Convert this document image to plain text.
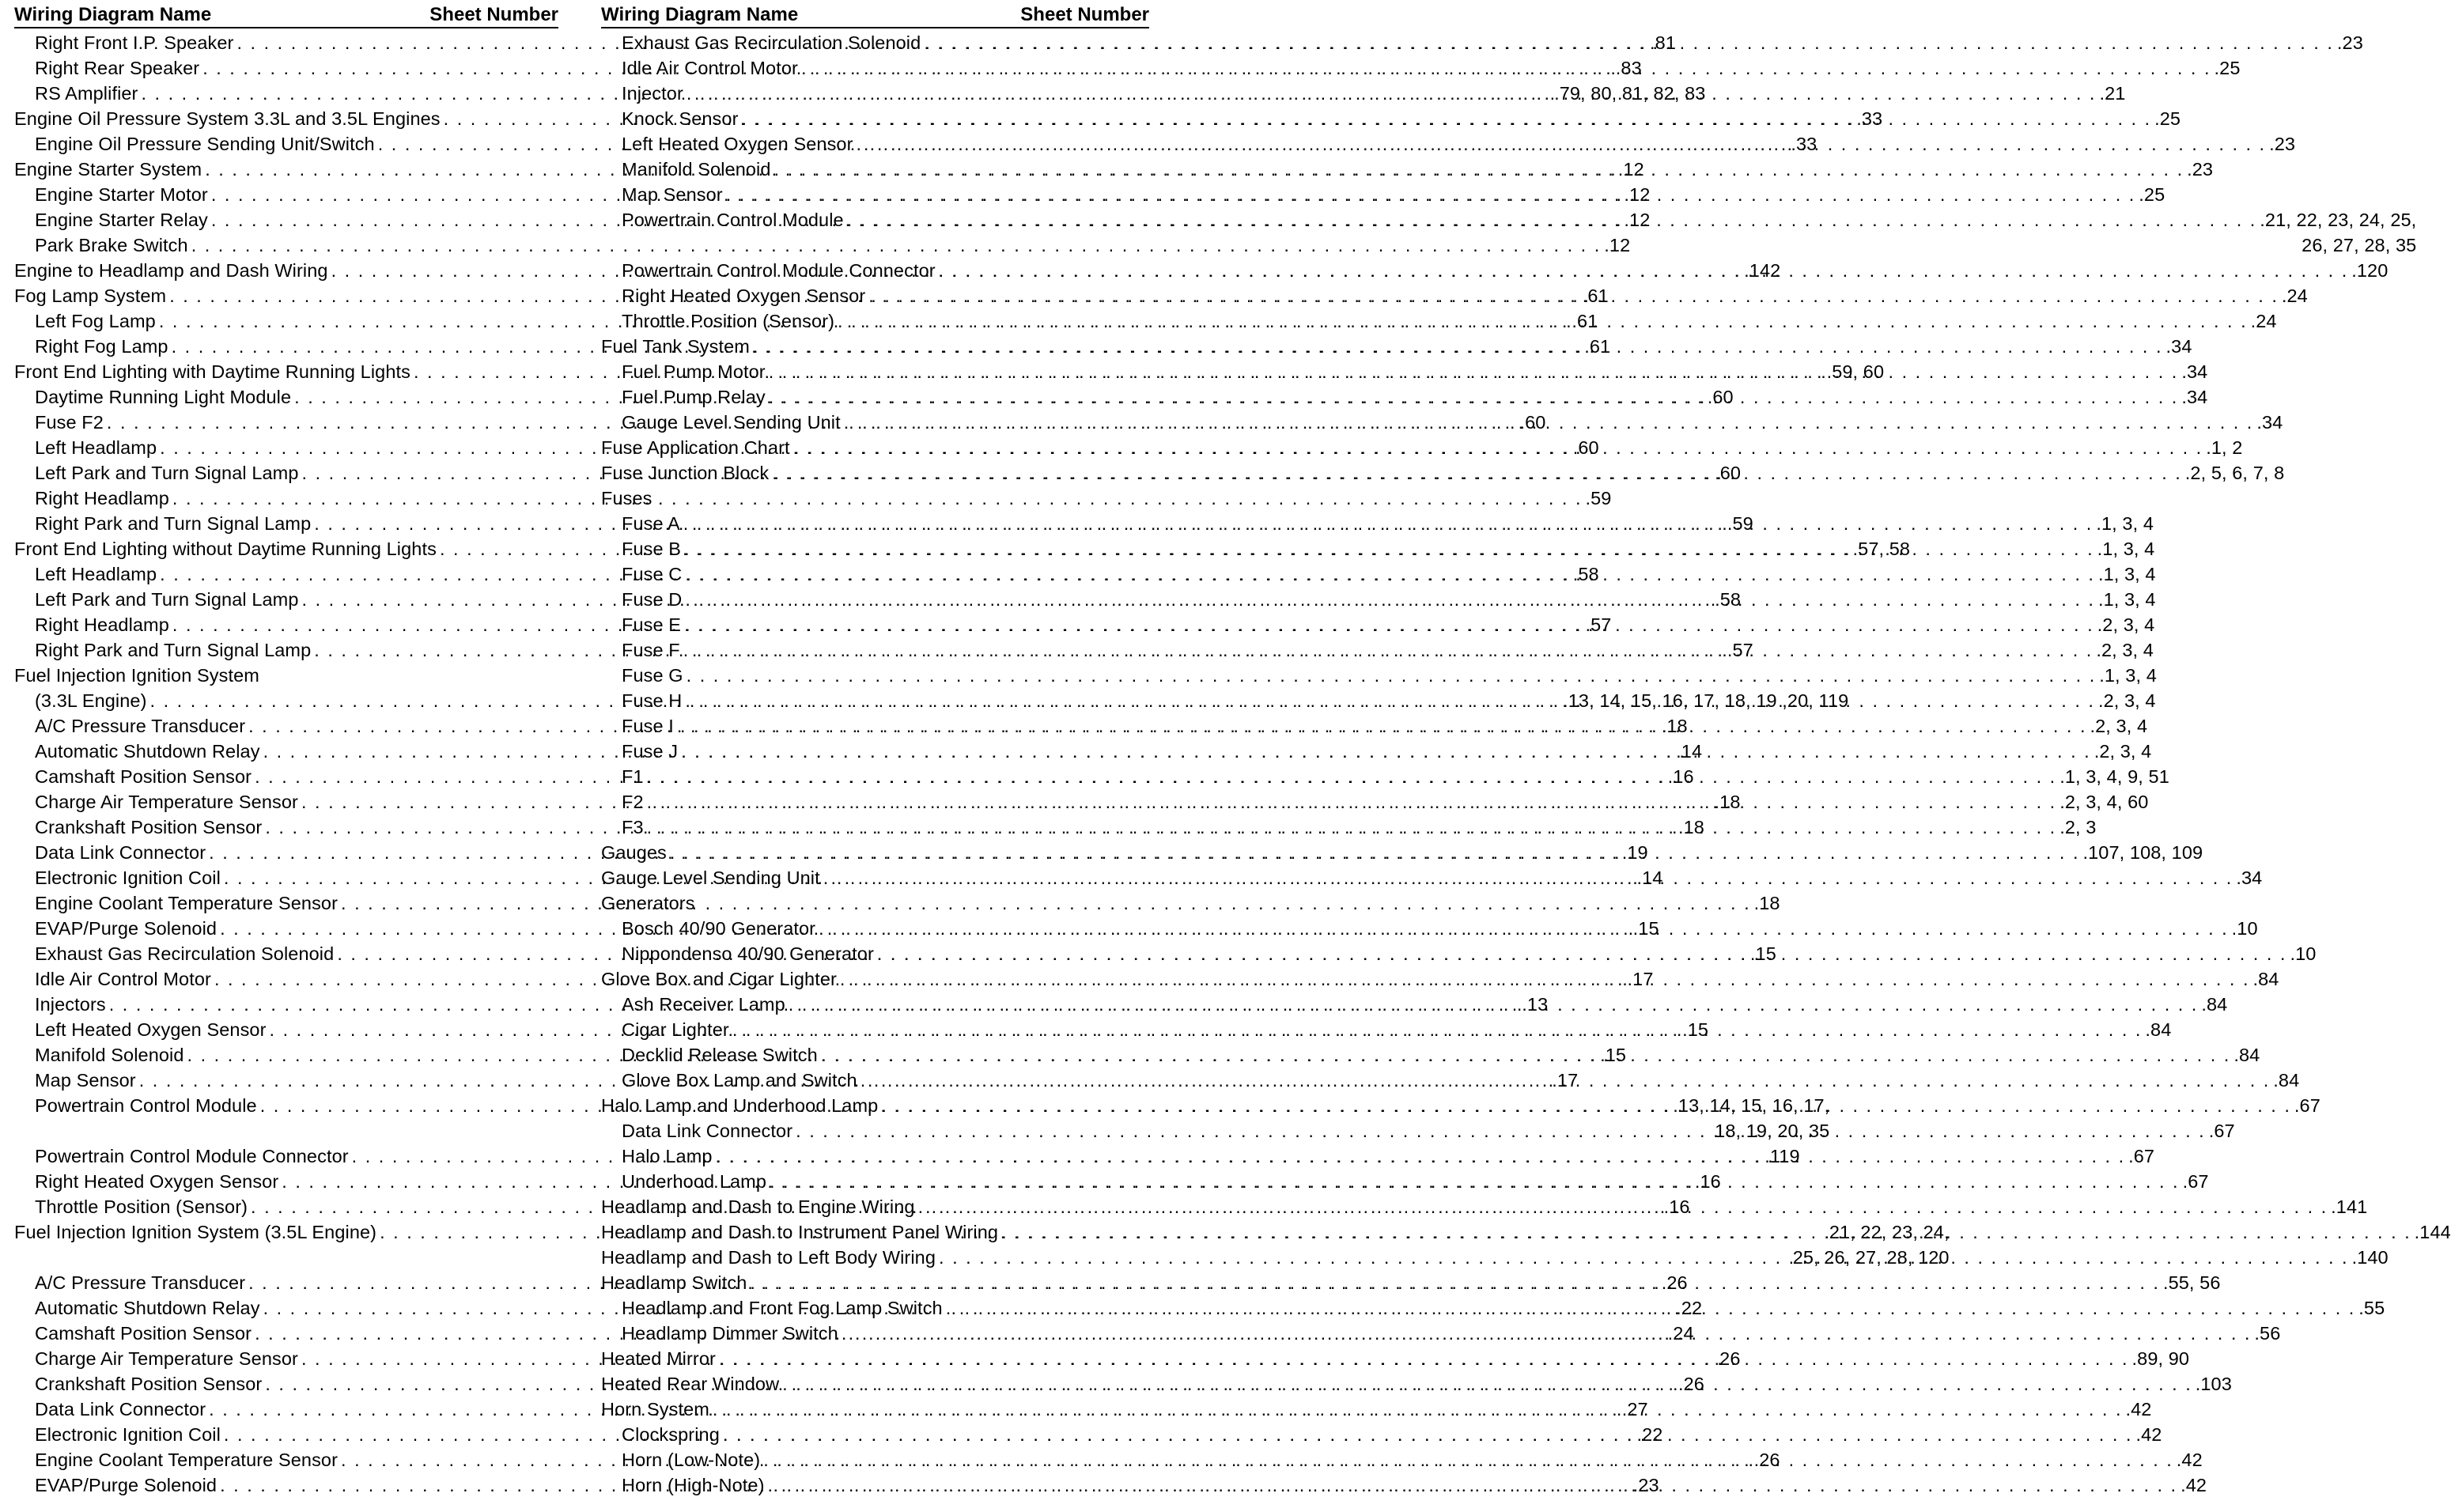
Wiring Diagram Name	Sheet Number
Right Front I.P. Speaker . . .	.81
Right Rear Speaker . . .	.83
RS Amplifier . . .	.79, 80, 81, 82, 83
Engine Oil Pressure System 3.3L and 3.5L Engines . . .	.33
Engine Oil Pressure Sending Unit/Switch . . .	.33
Engine Starter System . . .	.12
Engine Starter Motor . . .	.12
Engine Starter Relay . . .	.12
Park Brake Switch . . .	.12
Engine to Headlamp and Dash Wiring . . .	.142
Fog Lamp System . . .	.61
Left Fog Lamp . . .	.61
Right Fog Lamp . . .	.61
Front End Lighting with Daytime Running Lights . . .	.59, 60
Daytime Running Light Module . . .	.60
Fuse F2 . . .	.60
Left Headlamp . . .	.60
Left Park and Turn Signal Lamp . . .	.60
Right Headlamp . . .	.59
Right Park and Turn Signal Lamp . . .	.59
Front End Lighting without Daytime Running Lights . . .	.57, 58
Left Headlamp . . .	.58
Left Park and Turn Signal Lamp . . .	.58
Right Headlamp . . .	.57
Right Park and Turn Signal Lamp . . .	.57
Fuel Injection Ignition System
(3.3L Engine) . . .	.13, 14, 15, 16, 17, 18, 19 ,20, 119
A/C Pressure Transducer . . .	.18
Automatic Shutdown Relay . . .	.14
Camshaft Position Sensor . . .	.16
Charge Air Temperature Sensor . . .	.18
Crankshaft Position Sensor . . .	.18
Data Link Connector . . .	.19
Electronic Ignition Coil . . .	.14
Engine Coolant Temperature Sensor . . .	.18
EVAP/Purge Solenoid . . .	.15
Exhaust Gas Recirculation Solenoid . . .	.15
Idle Air Control Motor . . .	.17
Injectors . . .	.13
Left Heated Oxygen Sensor . . .	.15
Manifold Solenoid . . .	.15
Map Sensor . . .	.17
Powertrain Control Module . . .	.13, 14, 15, 16, 17,
18, 19, 20, 35
Powertrain Control Module Connector . . .	.119
Right Heated Oxygen Sensor . . .	.16
Throttle Position (Sensor) . . .	.16
Fuel Injection Ignition System (3.5L Engine) . . .	.21, 22, 23, 24,
25, 26, 27, 28, 120
A/C Pressure Transducer . . .	.26
Automatic Shutdown Relay . . .	.22
Camshaft Position Sensor . . .	.24
Charge Air Temperature Sensor . . .	.26
Crankshaft Position Sensor . . .	.26
Data Link Connector . . .	.27
Electronic Ignition Coil . . .	.22
Engine Coolant Temperature Sensor . . .	.26
EVAP/Purge Solenoid . . .	.23
Wiring Diagram Name	Sheet Number
Exhaust Gas Recirculation Solenoid . . .	.23
Idle Air Control Motor . . .	.25
Injector . . .	.21
Knock Sensor . . .	.25
Left Heated Oxygen Sensor . . .	.23
Manifold Solenoid . . .	.23
Map Sensor . . .	.25
Powertrain Control Module . . .	.21, 22, 23, 24, 25,
26, 27, 28, 35
Powertrain Control Module Connector . . .	.120
Right Heated Oxygen Sensor . . .	.24
Throttle Position (Sensor) . . .	.24
Fuel Tank System . . .	.34
Fuel Pump Motor . . .	.34
Fuel Pump Relay . . .	.34
Gauge Level Sending Unit . . .	.34
Fuse Application Chart . . .	.1, 2
Fuse Junction Block . . .	.2, 5, 6, 7, 8
Fuses
Fuse A . . .	.1, 3, 4
Fuse B . . .	.1, 3, 4
Fuse C . . .	.1, 3, 4
Fuse D . . .	.1, 3, 4
Fuse E . . .	.2, 3, 4
Fuse F . . .	.2, 3, 4
Fuse G . . .	.1, 3, 4
Fuse H . . .	.2, 3, 4
Fuse I . . .	.2, 3, 4
Fuse J . . .	.2, 3, 4
F1 . . .	.1, 3, 4, 9, 51
F2 . . .	.2, 3, 4, 60
F3 . . .	.2, 3
Gauges . . .	.107, 108, 109
Gauge Level Sending Unit . . .	.34
Generators
Bosch 40/90 Generator . . .	.10
Nippondenso 40/90 Generator . . .	.10
Glove Box and Cigar Lighter . . .	.84
Ash Receiver Lamp . . .	.84
Cigar Lighter . . .	.84
Decklid Release Switch . . .	.84
Glove Box Lamp and Switch . . .	.84
Halo Lamp and Underhood Lamp . . .	.67
Data Link Connector . . .	.67
Halo Lamp . . .	.67
Underhood Lamp . . .	.67
Headlamp and Dash to Engine Wiring . . .	.141
Headlamp and Dash to Instrument Panel Wiring . . .	.144
Headlamp and Dash to Left Body Wiring . . .	.140
Headlamp Switch . . .	.55, 56
Headlamp and Front Fog Lamp Switch . . .	.55
Headlamp Dimmer Switch . . .	.56
Heated Mirror . . .	.89, 90
Heated Rear Window . . .	.103
Horn System . . .	.42
Clockspring . . .	.42
Horn (Low-Note) . . .	.42
Horn (High-Note) . . .	.42
